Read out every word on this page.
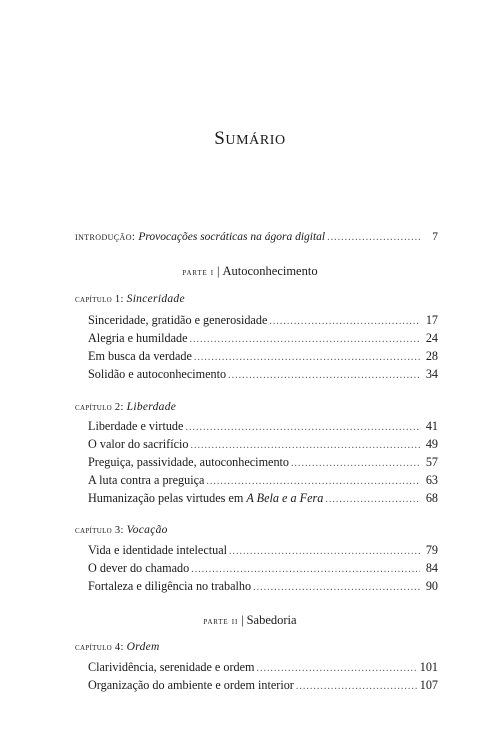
SUMÁRIO
introdução: Provocações socráticas na ágora digital .....	7
parte i | Autoconhecimento
capítulo 1: Sinceridade
Sinceridade, gratidão e generosidade .....	17
Alegria e humildade .....	24
Em busca da verdade .....	28
Solidão e autoconhecimento .....	34
capítulo 2: Liberdade
Liberdade e virtude .....	41
O valor do sacrifício .....	49
Preguiça, passividade, autoconhecimento .....	57
A luta contra a preguiça .....	63
Humanização pelas virtudes em A Bela e a Fera .....	68
capítulo 3: Vocação
Vida e identidade intelectual .....	79
O dever do chamado .....	84
Fortaleza e diligência no trabalho .....	90
parte ii | Sabedoria
capítulo 4: Ordem
Clarividência, serenidade e ordem .....	101
Organização do ambiente e ordem interior .....	107
